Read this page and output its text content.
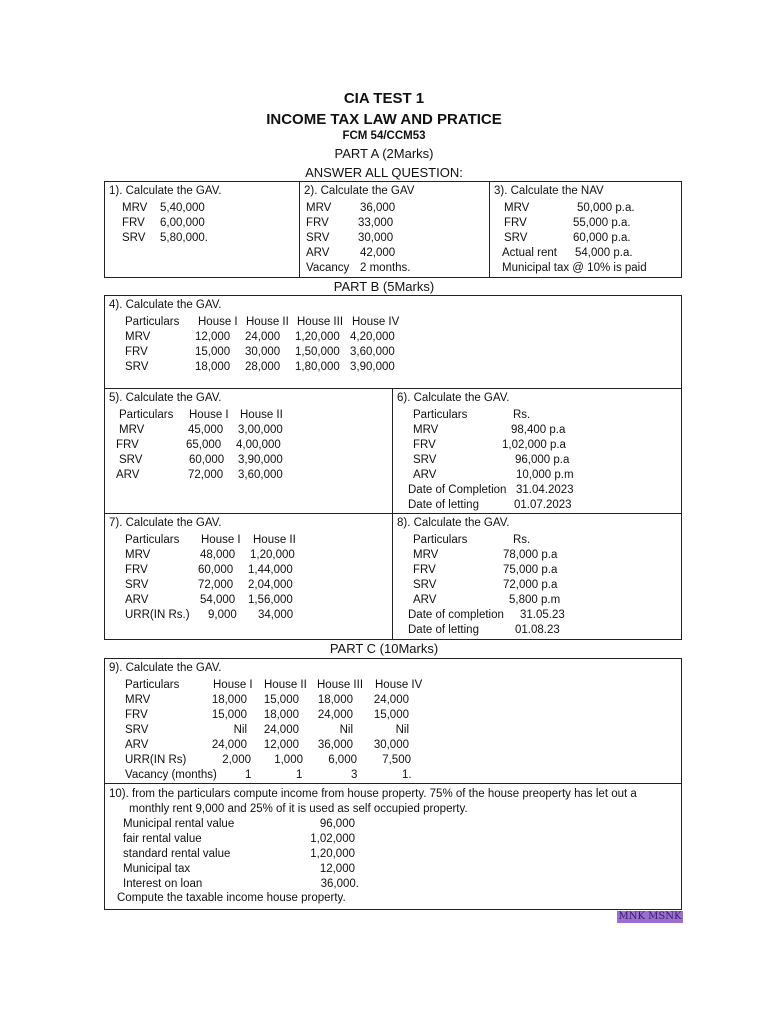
CIA TEST 1
INCOME TAX LAW AND PRATICE
FCM 54/CCM53
PART A (2Marks)
ANSWER ALL QUESTION:
1). Calculate the GAV.
MRV 5,40,000
FRV 6,00,000
SRV 5,80,000.
2). Calculate the GAV
MRV 36,000
FRV	33,000
SRV 30,000
ARV	42,000
Vacancy 2 months.
3). Calculate the NAV
MRV	50,000 p.a.
FRV	55,000 p.a.
SRV	60,000 p.a.
Actual rent 54,000 p.a.
Municipal tax @ 10% is paid
PART B (5Marks)
4). Calculate the GAV.
Particulars House I House II House III House IV
MRV	12,000 24,000 1,20,000 4,20,000
FRV	15,000 30,000 1,50,000 3,60,000
SRV	18,000 28,000 1,80,000 3,90,000
5). Calculate the GAV.
Particulars House I House II
MRV	45,000 3,00,000
FRV	65,000 4,00,000
SRV	60,000 3,90,000
ARV	72,000 3,60,000
6). Calculate the GAV.
Particulars	Rs.
MRV	98,400 p.a
FRV	1,02,000 p.a
SRV	96,000 p.a
ARV	10,000 p.m
Date of Completion 31.04.2023
Date of letting	01.07.2023
7). Calculate the GAV.
Particulars House I House II
MRV	48,000 1,20,000
FRV	60,000 1,44,000
SRV	72,000 2,04,000
ARV	54,000 1,56,000
URR(IN Rs.) 9,000 34,000
8). Calculate the GAV.
Particulars	Rs.
MRV	78,000 p.a
FRV	75,000 p.a
SRV	72,000 p.a
ARV	5,800 p.m
Date of completion 31.05.23
Date of letting	01.08.23
PART C (10Marks)
9). Calculate the GAV.
Particulars	House I House II House III House IV
MRV	18,000 15,000 18,000 24,000
FRV	15,000 18,000 24,000 15,000
SRV	Nil 24,000	Nil	Nil
ARV	24,000 12,000 36,000 30,000
URR(IN Rs)	2,000	1,000	6,000	7,500
Vacancy (months) 1	1	3	1.
10). from the particulars compute income from house property. 75% of the house preoperty has let out a
monthly rent 9,000 and 25% of it is used as self occupied property.
Municipal rental value	96,000
fair rental value	1,02,000
standard rental value	1,20,000
Municipal tax	12,000
Interest on loan	36,000.
Compute the taxable income house property.
MNK MSNK
